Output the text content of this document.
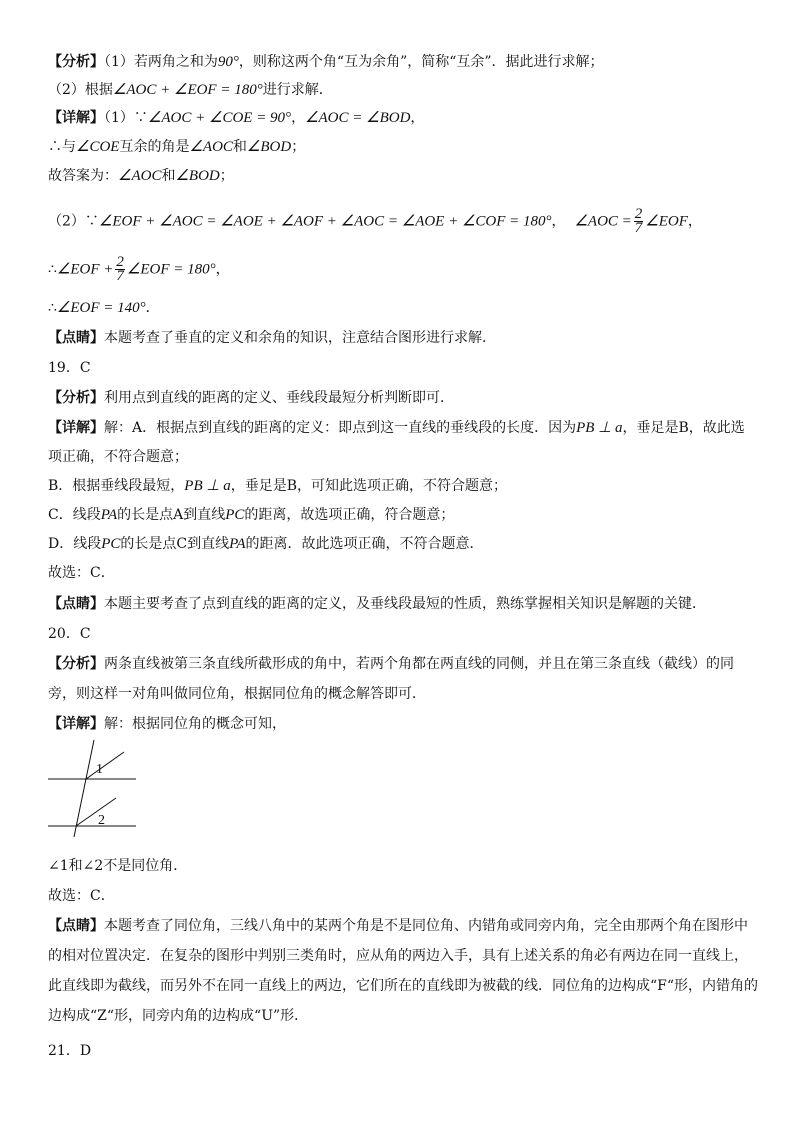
【分析】（1）若两角之和为90°，则称这两个角“互为余角”，简称“互余”．据此进行求解；
（2）根据∠AOC + ∠EOF = 180°进行求解．
【详解】（1）∵∠AOC + ∠COE = 90°，∠AOC = ∠BOD，
∴与∠COE互余的角是∠AOC和∠BOD；
故答案为：∠AOC和∠BOD；
（2）∵∠EOF + ∠AOC = ∠AOE + ∠AOF + ∠AOC = ∠AOE + ∠COF = 180°， ∠AOC = $\frac{2}{7}$ ∠EOF，
∴∠EOF + $\frac{2}{7}$ ∠EOF = 180°，
∴∠EOF = 140°．
【点睛】本题考查了垂直的定义和余角的知识，注意结合图形进行求解．
19．C
【分析】利用点到直线的距离的定义、垂线段最短分析判断即可．
【详解】解：A．根据点到直线的距离的定义：即点到这一直线的垂线段的长度．因为PB ⊥ a，垂足是B，故此选
项正确，不符合题意；
B．根据垂线段最短，PB ⊥ a，垂足是B，可知此选项正确，不符合题意；
C．线段PA的长是点A到直线PC的距离，故选项正确，符合题意；
D．线段PC的长是点C到直线PA的距离．故此选项正确，不符合题意．
故选：C．
【点睛】本题主要考查了点到直线的距离的定义，及垂线段最短的性质，熟练掌握相关知识是解题的关键．
20．C
【分析】两条直线被第三条直线所截形成的角中，若两个角都在两直线的同侧，并且在第三条直线（截线）的同旁，则这样一对角叫做同位角，根据同位角的概念解答即可．
【详解】解：根据同位角的概念可知，
1
2
∠1和∠2不是同位角．
故选：C．
【点睛】本题考查了同位角，三线八角中的某两个角是不是同位角、内错角或同旁内角，完全由那两个角在图形中的相对位置决定．在复杂的图形中判别三类角时，应从角的两边入手，具有上述关系的角必有两边在同一直线上，此直线即为截线，而另外不在同一直线上的两边，它们所在的直线即为被截的线．同位角的边构成“F“形，内错角的边构成“Z“形，同旁内角的边构成“U”形．
21．D
